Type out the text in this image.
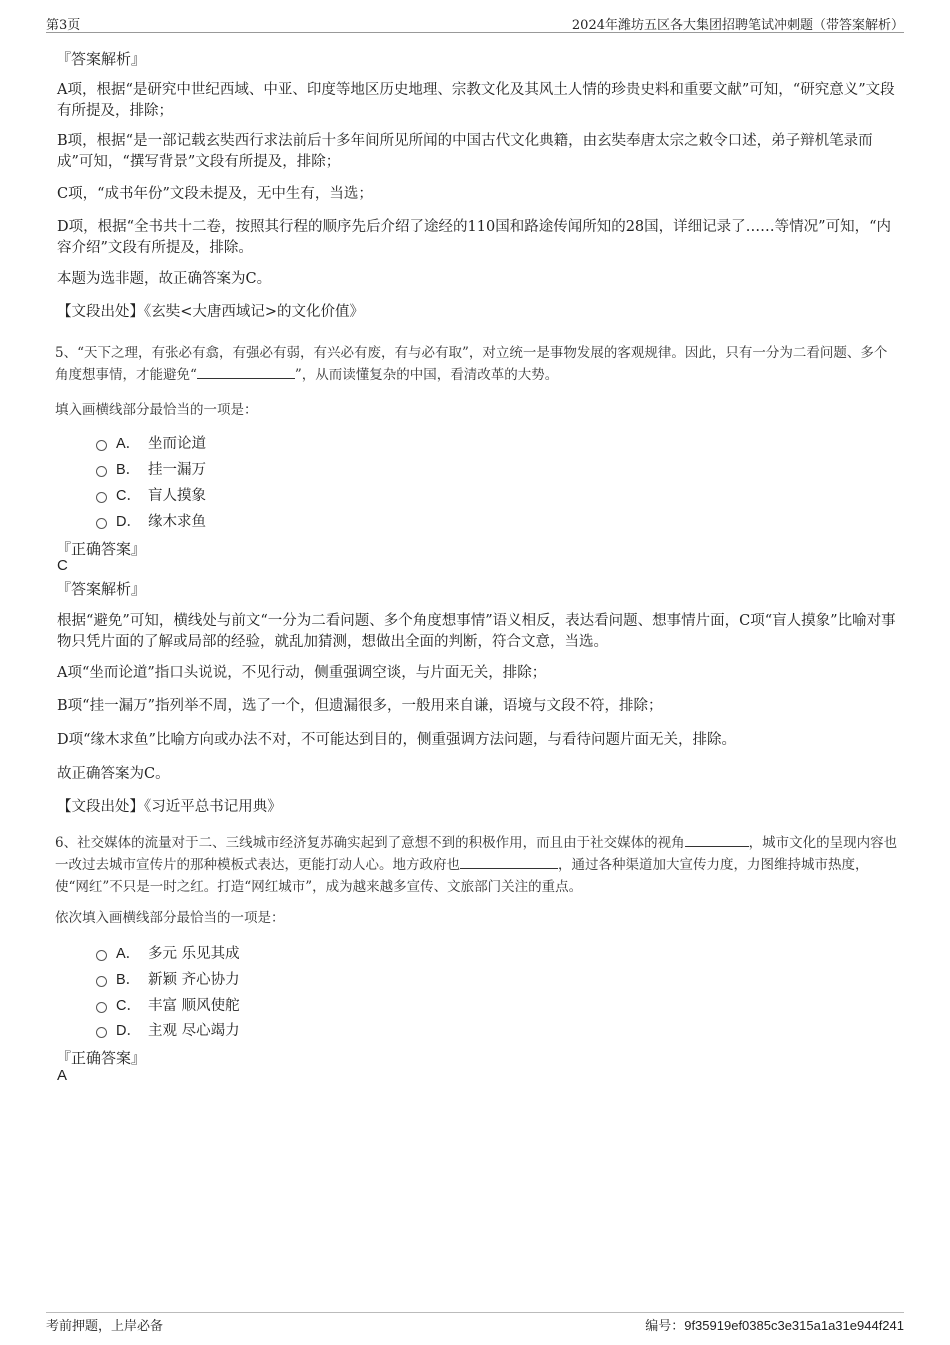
第3页	2024年潍坊五区各大集团招聘笔试冲刺题（带答案解析）

『答案解析』

A项，根据“是研究中世纪西域、中亚、印度等地区历史地理、宗教文化及其风土人情的珍贵史料和重要文献”可知，“研究意义”文段有所提及，排除；

B项，根据“是一部记载玄奘西行求法前后十多年间所见所闻的中国古代文化典籍，由玄奘奉唐太宗之敕令口述，弟子辩机笔录而成”可知，“撰写背景”文段有所提及，排除；

C项，“成书年份”文段未提及，无中生有，当选；

D项，根据“全书共十二卷，按照其行程的顺序先后介绍了途经的110国和路途传闻所知的28国，详细记录了……等情况”可知，“内容介绍”文段有所提及，排除。

本题为选非题，故正确答案为C。

【文段出处】《玄奘<大唐西域记>的文化价值》

5、“天下之理，有张必有翕，有强必有弱，有兴必有废，有与必有取”，对立统一是事物发展的客观规律。因此，只有一分为二看问题、多个角度想事情，才能避免“	”，从而读懂复杂的中国，看清改革的大势。

填入画横线部分最恰当的一项是：

A． 坐而论道
B． 挂一漏万
C． 盲人摸象
D． 缘木求鱼

『正确答案』

C

『答案解析』

根据“避免”可知，横线处与前文“一分为二看问题、多个角度想事情”语义相反，表达看问题、想事情片面，C项“盲人摸象”比喻对事物只凭片面的了解或局部的经验，就乱加猜测，想做出全面的判断，符合文意，当选。

A项“坐而论道”指口头说说，不见行动，侧重强调空谈，与片面无关，排除；

B项“挂一漏万”指列举不周，选了一个，但遗漏很多，一般用来自谦，语境与文段不符，排除；

D项“缘木求鱼”比喻方向或办法不对，不可能达到目的，侧重强调方法问题，与看待问题片面无关，排除。

故正确答案为C。

【文段出处】《习近平总书记用典》

6、社交媒体的流量对于二、三线城市经济复苏确实起到了意想不到的积极作用，而且由于社交媒体的视角	，城市文化的呈现内容也一改过去城市宣传片的那种模板式表达，更能打动人心。地方政府也	，通过各种渠道加大宣传力度，力图维持城市热度，使“网红”不只是一时之红。打造“网红城市”，成为越来越多宣传、文旅部门关注的重点。

依次填入画横线部分最恰当的一项是：

A． 多元 乐见其成
B． 新颖 齐心协力
C． 丰富 顺风使舵
D． 主观 尽心竭力

『正确答案』

A

考前押题，上岸必备	编号：9f35919ef0385c3e315a1a31e944f241
